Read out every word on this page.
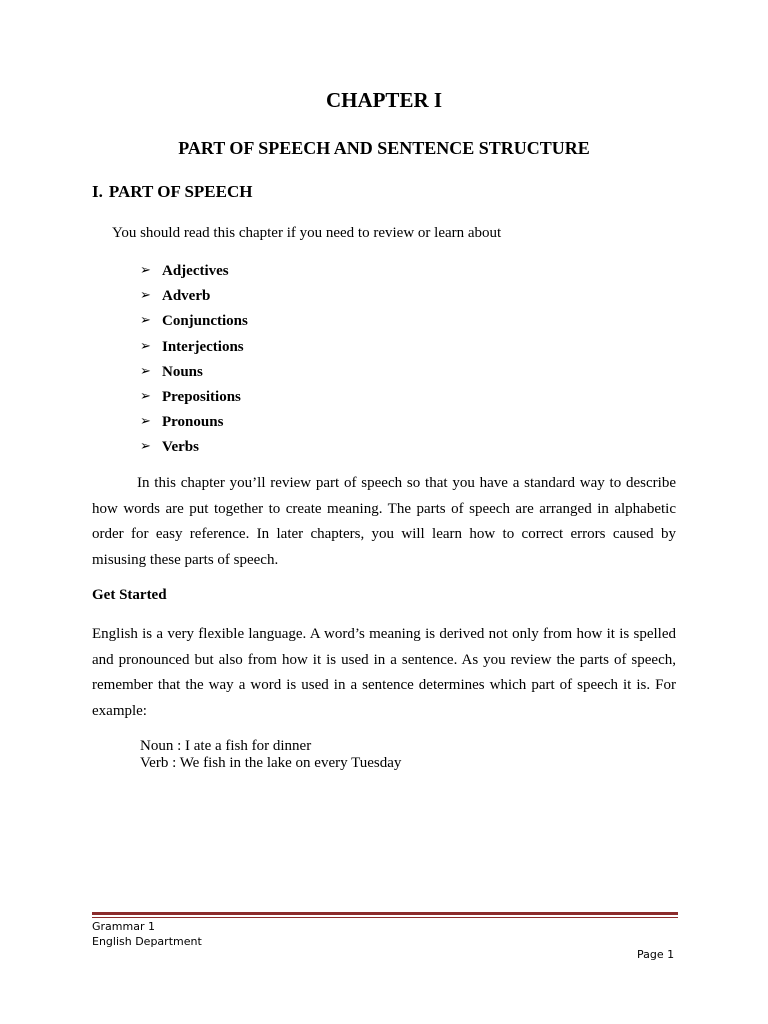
CHAPTER I
PART OF SPEECH AND SENTENCE STRUCTURE
I. PART OF SPEECH
You should read this chapter if you need to review or learn about
➢ Adjectives
➢ Adverb
➢ Conjunctions
➢ Interjections
➢ Nouns
➢ Prepositions
➢ Pronouns
➢ Verbs

In this chapter you’ll review part of speech so that you have a standard way to describe how words are put together to create meaning. The parts of speech are arranged in alphabetic order for easy reference. In later chapters, you will learn how to correct errors caused by misusing these parts of speech.

Get Started

English is a very flexible language. A word’s meaning is derived not only from how it is spelled and pronounced but also from how it is used in a sentence. As you review the parts of speech, remember that the way a word is used in a sentence determines which part of speech it is. For example:

Noun : I ate a fish for dinner
Verb : We fish in the lake on every Tuesday
Grammar 1
English Department
Page 1
